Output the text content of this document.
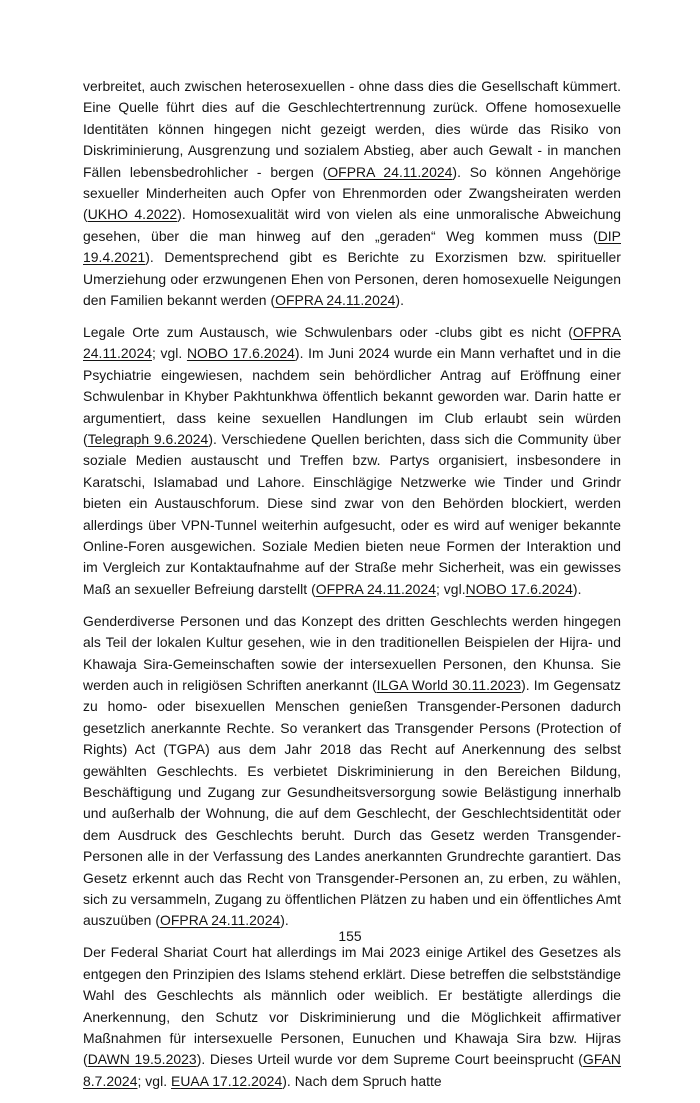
verbreitet, auch zwischen heterosexuellen - ohne dass dies die Gesellschaft kümmert. Eine Quelle führt dies auf die Geschlechtertrennung zurück. Offene homosexuelle Identitäten können hingegen nicht gezeigt werden, dies würde das Risiko von Diskriminierung, Ausgrenzung und sozialem Abstieg, aber auch Gewalt - in manchen Fällen lebensbedrohlicher - bergen (OFPRA 24.11.2024). So können Angehörige sexueller Minderheiten auch Opfer von Ehrenmorden oder Zwangsheiraten werden (UKHO 4.2022). Homosexualität wird von vielen als eine unmoralische Abweichung gesehen, über die man hinweg auf den „geraden“ Weg kommen muss (DIP 19.4.2021). Dementsprechend gibt es Berichte zu Exorzismen bzw. spiritueller Umerziehung oder erzwungenen Ehen von Personen, deren homosexuelle Neigungen den Familien bekannt werden (OFPRA 24.11.2024).

Legale Orte zum Austausch, wie Schwulenbars oder -clubs gibt es nicht (OFPRA 24.11.2024; vgl. NOBO 17.6.2024). Im Juni 2024 wurde ein Mann verhaftet und in die Psychiatrie eingewiesen, nachdem sein behördlicher Antrag auf Eröffnung einer Schwulenbar in Khyber Pakhtunkhwa öffentlich bekannt geworden war. Darin hatte er argumentiert, dass keine sexuellen Handlungen im Club erlaubt sein würden (Telegraph 9.6.2024). Verschiedene Quellen berichten, dass sich die Community über soziale Medien austauscht und Treffen bzw. Partys organisiert, insbesondere in Karatschi, Islamabad und Lahore. Einschlägige Netzwerke wie Tinder und Grindr bieten ein Austauschforum. Diese sind zwar von den Behörden blockiert, werden allerdings über VPN-Tunnel weiterhin aufgesucht, oder es wird auf weniger bekannte Online-Foren ausgewichen. Soziale Medien bieten neue Formen der Interaktion und im Vergleich zur Kontaktaufnahme auf der Straße mehr Sicherheit, was ein gewisses Maß an sexueller Befreiung darstellt (OFPRA 24.11.2024; vgl.NOBO 17.6.2024).

Genderdiverse Personen und das Konzept des dritten Geschlechts werden hingegen als Teil der lokalen Kultur gesehen, wie in den traditionellen Beispielen der Hijra- und Khawaja Sira-Gemeinschaften sowie der intersexuellen Personen, den Khunsa. Sie werden auch in religiösen Schriften anerkannt (ILGA World 30.11.2023). Im Gegensatz zu homo- oder bisexuellen Menschen genießen Transgender-Personen dadurch gesetzlich anerkannte Rechte. So verankert das Transgender Persons (Protection of Rights) Act (TGPA) aus dem Jahr 2018 das Recht auf Anerkennung des selbst gewählten Geschlechts. Es verbietet Diskriminierung in den Bereichen Bildung, Beschäftigung und Zugang zur Gesundheitsversorgung sowie Belästigung innerhalb und außerhalb der Wohnung, die auf dem Geschlecht, der Geschlechtsidentität oder dem Ausdruck des Geschlechts beruht. Durch das Gesetz werden Transgender-Personen alle in der Verfassung des Landes anerkannten Grundrechte garantiert. Das Gesetz erkennt auch das Recht von Transgender-Personen an, zu erben, zu wählen, sich zu versammeln, Zugang zu öffentlichen Plätzen zu haben und ein öffentliches Amt auszuüben (OFPRA 24.11.2024).

Der Federal Shariat Court hat allerdings im Mai 2023 einige Artikel des Gesetzes als entgegen den Prinzipien des Islams stehend erklärt. Diese betreffen die selbstständige Wahl des Geschlechts als männlich oder weiblich. Er bestätigte allerdings die Anerkennung, den Schutz vor Diskriminierung und die Möglichkeit affirmativer Maßnahmen für intersexuelle Personen, Eunuchen und Khawaja Sira bzw. Hijras (DAWN 19.5.2023). Dieses Urteil wurde vor dem Supreme Court beeinsprucht (GFAN 8.7.2024; vgl. EUAA 17.12.2024). Nach dem Spruch hatte

155
